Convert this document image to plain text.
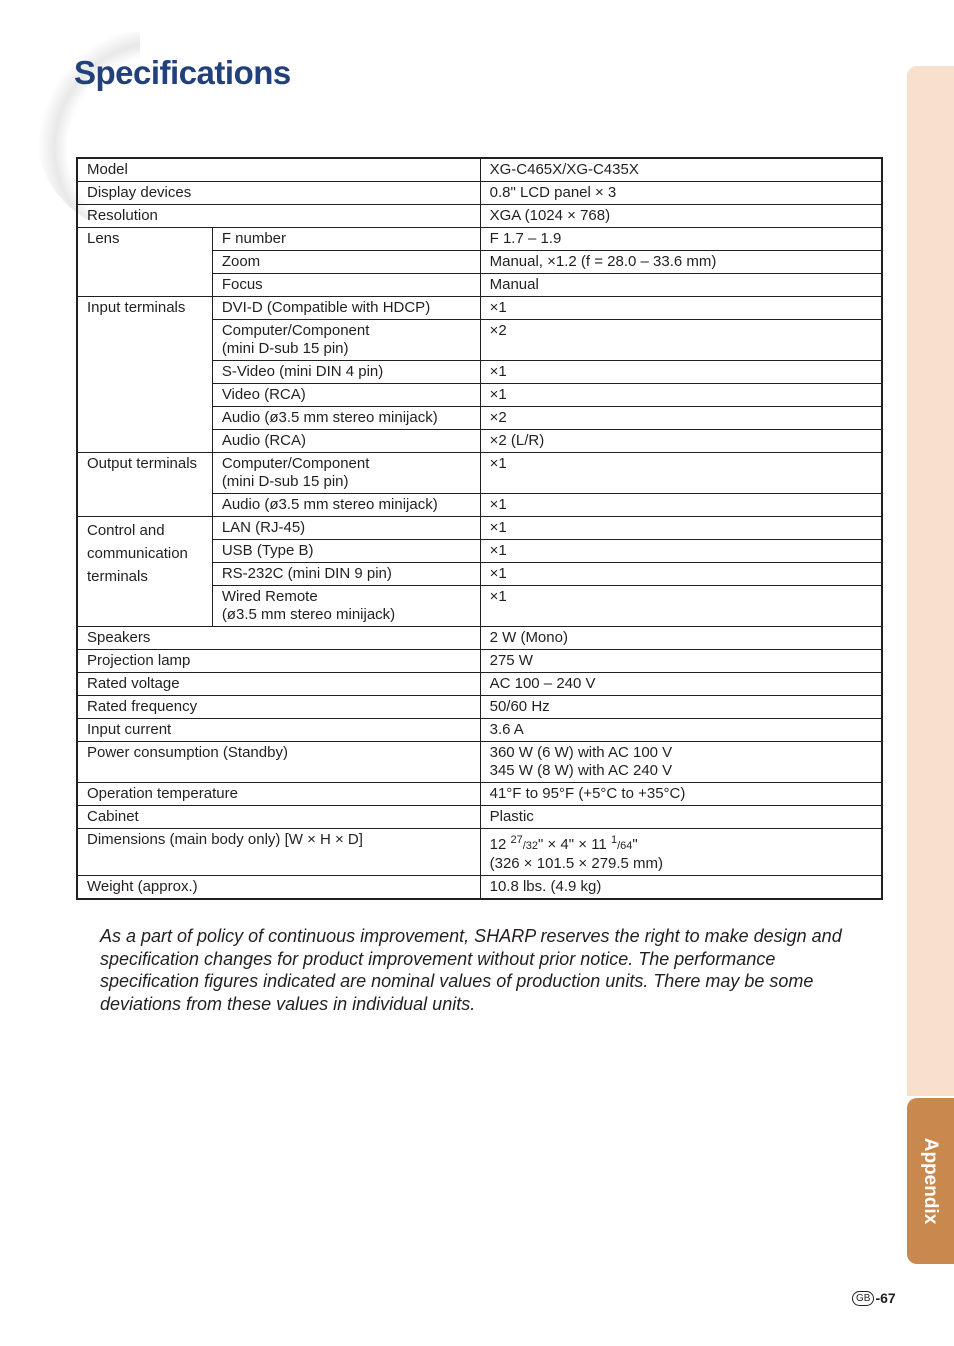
Specifications
Appendix
Model		XG-C465X/XG-C435X
Display devices		0.8" LCD panel × 3
Resolution		XGA (1024 × 768)
Lens	F number	F 1.7 – 1.9
	Zoom	Manual, ×1.2 (f = 28.0 – 33.6 mm)
	Focus	Manual
Input terminals	DVI-D (Compatible with HDCP)	×1
	Computer/Component
(mini D-sub 15 pin)	×2
	S-Video (mini DIN 4 pin)	×1
	Video (RCA)	×1
	Audio (ø3.5 mm stereo minijack)	×2
	Audio (RCA)	×2 (L/R)
Output terminals	Computer/Component
(mini D-sub 15 pin)	×1
	Audio (ø3.5 mm stereo minijack)	×1

Control and
communication
terminals	LAN (RJ-45)	×1
	USB (Type B)	×1
	RS-232C (mini DIN 9 pin)	×1
	Wired Remote
(ø3.5 mm stereo minijack)	×1
Speakers		2 W (Mono)
Projection lamp		275 W
Rated voltage		AC 100 – 240 V
Rated frequency		50/60 Hz
Input current		3.6 A
Power consumption (Standby)		360 W (6 W) with AC 100 V
345 W (8 W) with AC 240 V
Operation temperature		41°F to 95°F (+5°C to +35°C)
Cabinet		Plastic
Dimensions (main body only) [W × H × D]		12 $^{27}$/32" × 4" × 11 $^1$/64"
(326 × 101.5 × 279.5 mm)
Weight (approx.)		10.8 lbs. (4.9 kg)

As a part of policy of continuous improvement, SHARP reserves the right to make design and specification changes for product improvement without prior notice. The performance specification figures indicated are nominal values of production units. There may be some deviations from these values in individual units.

GB -67
